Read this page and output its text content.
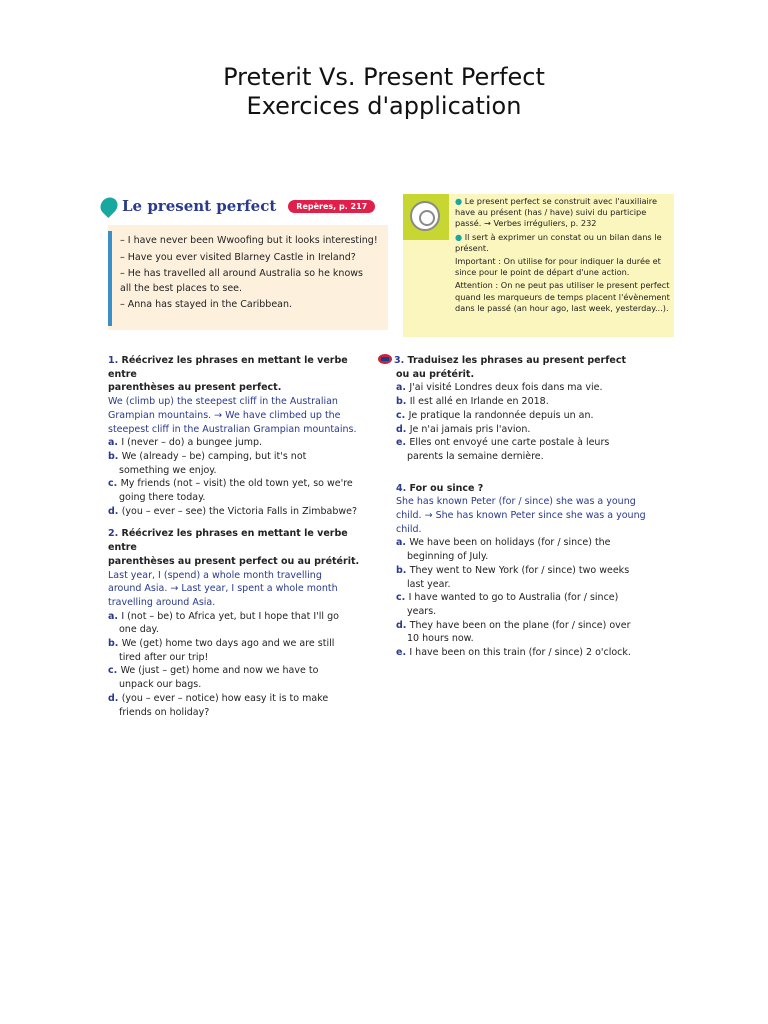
Preterit Vs. Present Perfect
Exercices d'application
Le present perfect	Repères, p. 217
– I have never been Wwoofing but it looks interesting!
– Have you ever visited Blarney Castle in Ireland?
– He has travelled all around Australia so he knows
all the best places to see.
– Anna has stayed in the Caribbean.

● Le present perfect se construit avec l'auxiliaire have au présent (has / have) suivi du participe passé. → Verbes irréguliers, p. 232

● Il sert à exprimer un constat ou un bilan dans le présent.

Important : On utilise for pour indiquer la durée et since pour le point de départ d'une action.

Attention : On ne peut pas utiliser le present perfect quand les marqueurs de temps placent l'évènement dans le passé (an hour ago, last week, yesterday...).

1. Réécrivez les phrases en mettant le verbe entre
parenthèses au present perfect.
We (climb up) the steepest cliff in the Australian
Grampian mountains. → We have climbed up the
steepest cliff in the Australian Grampian mountains.
a. I (never – do) a bungee jump.
b. We (already – be) camping, but it's not
something we enjoy.
c. My friends (not – visit) the old town yet, so we're
going there today.
d. (you – ever – see) the Victoria Falls in Zimbabwe?
2. Réécrivez les phrases en mettant le verbe entre
parenthèses au present perfect ou au prétérit.
Last year, I (spend) a whole month travelling
around Asia. → Last year, I spent a whole month
travelling around Asia.
a. I (not – be) to Africa yet, but I hope that I'll go
one day.
b. We (get) home two days ago and we are still
tired after our trip!
c. We (just – get) home and now we have to
unpack our bags.
d. (you – ever – notice) how easy it is to make
friends on holiday?
3. Traduisez les phrases au present perfect
ou au prétérit.
a. J'ai visité Londres deux fois dans ma vie.
b. Il est allé en Irlande en 2018.
c. Je pratique la randonnée depuis un an.
d. Je n'ai jamais pris l'avion.
e. Elles ont envoyé une carte postale à leurs
parents la semaine dernière.
4. For ou since ?
She has known Peter (for / since) she was a young
child. → She has known Peter since she was a young
child.
a. We have been on holidays (for / since) the
beginning of July.
b. They went to New York (for / since) two weeks
last year.
c. I have wanted to go to Australia (for / since)
years.
d. They have been on the plane (for / since) over
10 hours now.
e. I have been on this train (for / since) 2 o'clock.
